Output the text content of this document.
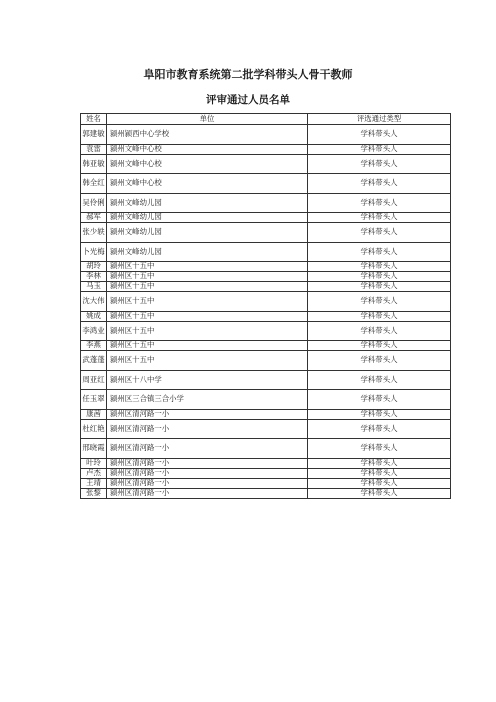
阜阳市教育系统第二批学科带头人骨干教师
评审通过人员名单
姓名	单位	评选通过类型
郭建敏	颍州颍西中心学校	学科带头人
袁雷	颍州文峰中心校	学科带头人
韩亚敏	颍州文峰中心校	学科带头人
韩全红	颍州文峰中心校	学科带头人
吴伶俐	颍州文峰幼儿园	学科带头人
郝军	颍州文峰幼儿园	学科带头人
张少轶	颍州文峰幼儿园	学科带头人
卜光梅	颍州文峰幼儿园	学科带头人
胡玲	颍州区十五中	学科带头人
李林	颍州区十五中	学科带头人
马玉	颍州区十五中	学科带头人
沈大伟	颍州区十五中	学科带头人
姚成	颍州区十五中	学科带头人
李鸿业	颍州区十五中	学科带头人
李燕	颍州区十五中	学科带头人
武蓬蓬	颍州区十五中	学科带头人
周亚红	颍州区十八中学	学科带头人
任玉翠	颍州区三合镇三合小学	学科带头人
康茜	颍州区清河路一小	学科带头人
杜红艳	颍州区清河路一小	学科带头人
邢晓霞	颍州区清河路一小	学科带头人
叶玲	颍州区清河路一小	学科带头人
卢杰	颍州区清河路一小	学科带头人
王靖	颍州区清河路一小	学科带头人
张黎	颍州区清河路一小	学科带头人
